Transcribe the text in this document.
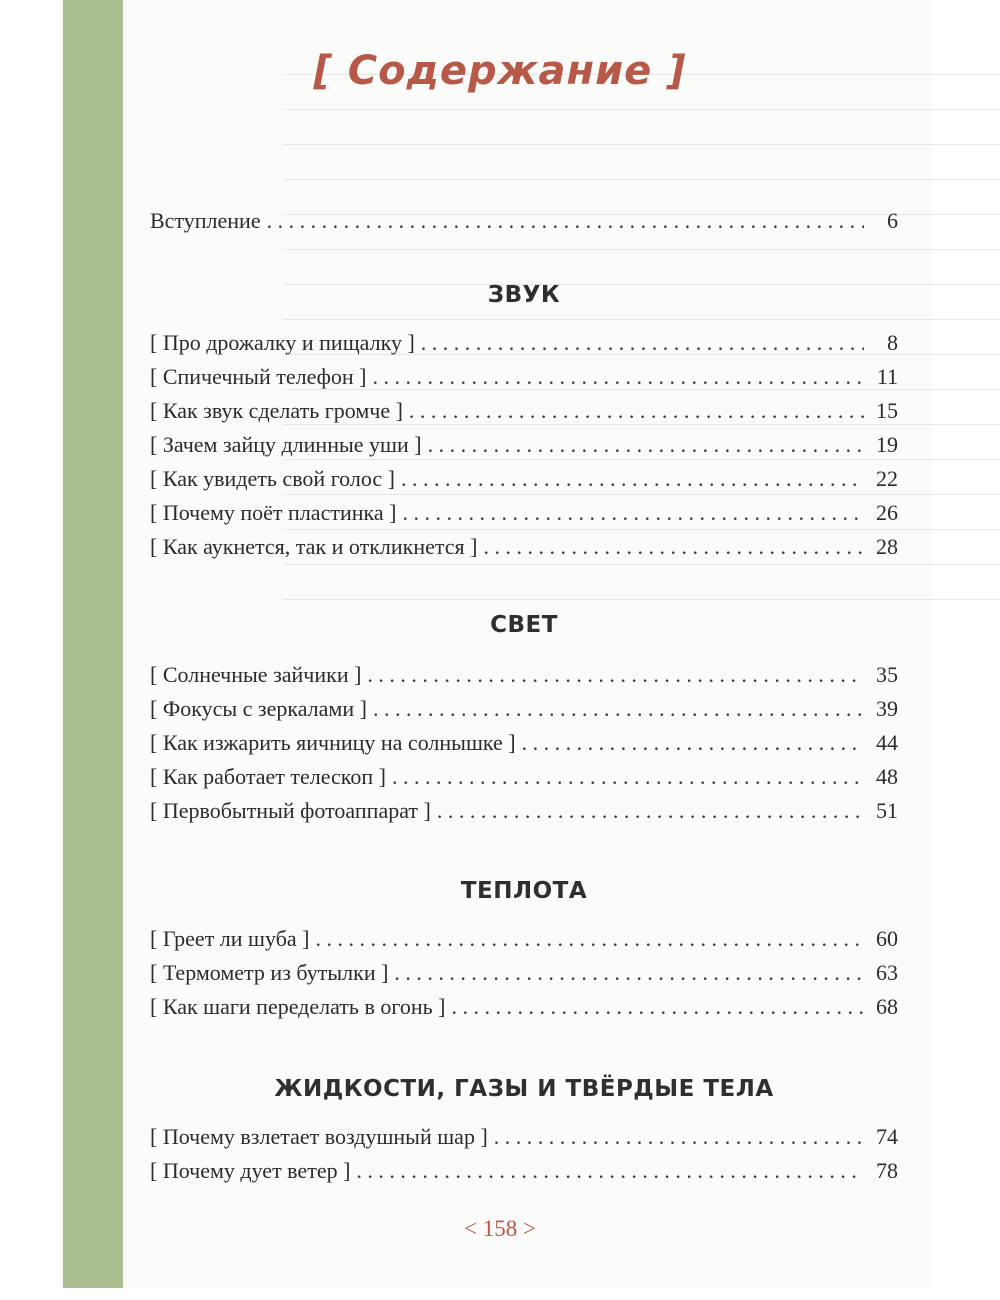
[ Содержание ]
Вступление . . .	6
ЗВУК
[ Про дрожалку и пищалку ] . . .	8
[ Спичечный телефон ] . . .	11
[ Как звук сделать громче ] . . .	15
[ Зачем зайцу длинные уши ] . . .	19
[ Как увидеть свой голос ] . . .	22
[ Почему поёт пластинка ] . . .	26
[ Как аукнется, так и откликнется ] . . .	28
СВЕТ
[ Солнечные зайчики ] . . .	35
[ Фокусы с зеркалами ] . . .	39
[ Как изжарить яичницу на солнышке ] . . .	44
[ Как работает телескоп ] . . .	48
[ Первобытный фотоаппарат ] . . .	51
ТЕПЛОТА
[ Греет ли шуба ] . . .	60
[ Термометр из бутылки ] . . .	63
[ Как шаги переделать в огонь ] . . .	68
ЖИДКОСТИ, ГАЗЫ И ТВЁРДЫЕ ТЕЛА
[ Почему взлетает воздушный шар ] . . .	74
[ Почему дует ветер ] . . .	78
< 158 >
